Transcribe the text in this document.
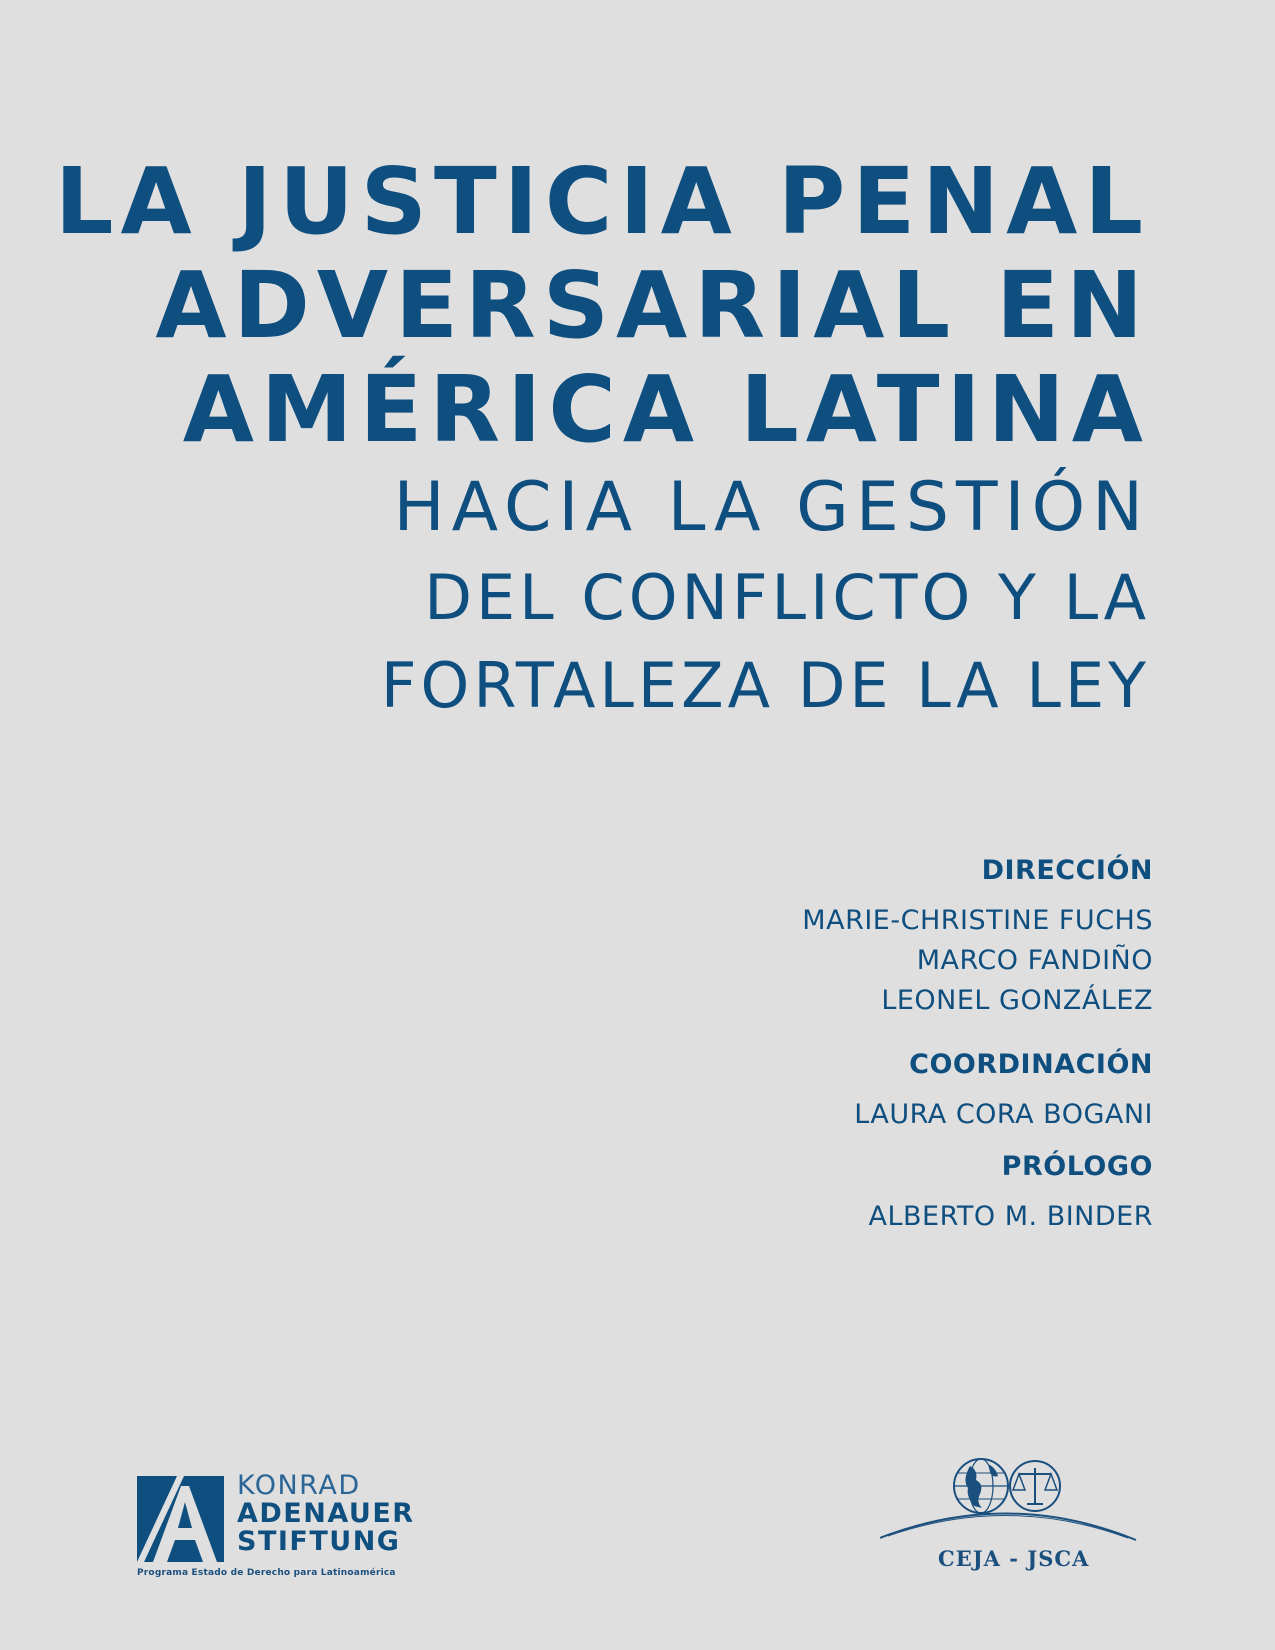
LA JUSTICIA PENAL
ADVERSARIAL EN
AMÉRICA LATINA
HACIA LA GESTIÓN
DEL CONFLICTO Y LA
FORTALEZA DE LA LEY
DIRECCIÓN
MARIE-CHRISTINE FUCHS
MARCO FANDIÑO
LEONEL GONZÁLEZ
COORDINACIÓN
LAURA CORA BOGANI
PRÓLOGO
ALBERTO M. BINDER
KONRAD
ADENAUER
STIFTUNG
Programa Estado de Derecho para Latinoamérica
CEJA - JSCA
